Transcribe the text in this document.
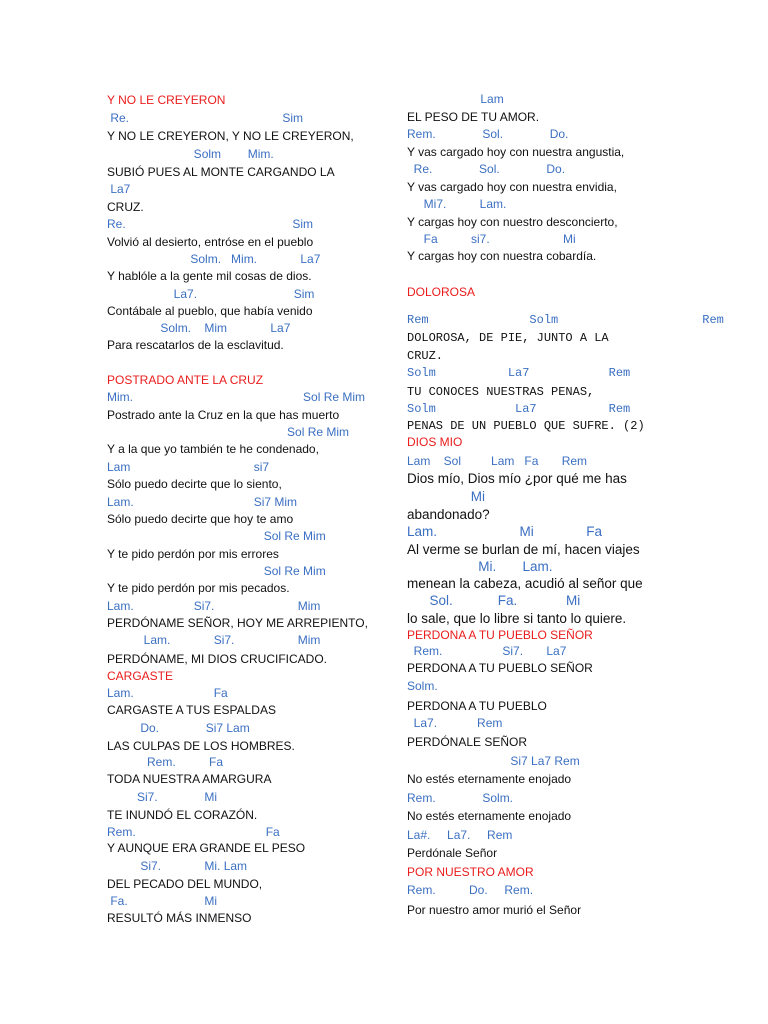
Y NO LE CREYERON
Re.                                              Sim
Y NO LE CREYERON, Y NO LE CREYERON,
Solm        Mim.
SUBIÓ PUES AL MONTE CARGANDO LA
La7
CRUZ.
Re.                                                  Sim
Volvió al desierto, entróse en el pueblo
Solm.   Mim.             La7
Y hablóle a la gente mil cosas de dios.
La7.                             Sim
Contábale al pueblo, que había venido
Solm.    Mim             La7
Para rescatarlos de la esclavitud.
POSTRADO ANTE LA CRUZ
Mim.                                                   Sol Re Mim
Postrado ante la Cruz en la que has muerto
Sol Re Mim
Y a la que yo también te he condenado,
Lam                                     si7
Sólo puedo decirte que lo siento,
Lam.                                    Si7 Mim
Sólo puedo decirte que hoy te amo
Sol Re Mim
Y te pido perdón por mis errores
Sol Re Mim
Y te pido perdón por mis pecados.
Lam.                  Si7.                         Mim
PERDÓNAME SEÑOR, HOY ME ARREPIENTO,
Lam.             Si7.                   Mim
PERDÓNAME, MI DIOS CRUCIFICADO.
CARGASTE
Lam.                        Fa
CARGASTE A TUS ESPALDAS
Do.              Si7 Lam
LAS CULPAS DE LOS HOMBRES.
Rem.          Fa
TODA NUESTRA AMARGURA
Si7.              Mi
TE INUNDÓ EL CORAZÓN.
Rem.                                       Fa
Y AUNQUE ERA GRANDE EL PESO
Si7.             Mi. Lam
DEL PECADO DEL MUNDO,
Fa.                       Mi
RESULTÓ MÁS INMENSO
Lam
EL PESO DE TU AMOR.
Rem.              Sol.              Do.
Y vas cargado hoy con nuestra angustia,
Re.              Sol.              Do.
Y vas cargado hoy con nuestra envidia,
Mi7.          Lam.
Y cargas hoy con nuestro desconcierto,
Fa          si7.                      Mi
Y cargas hoy con nuestra cobardía.
DOLOROSA
Rem              Solm                    Rem
DOLOROSA, DE PIE, JUNTO A LA
CRUZ.
Solm          La7           Rem
TU CONOCES NUESTRAS PENAS,
Solm           La7          Rem
PENAS DE UN PUEBLO QUE SUFRE. (2)
DIOS MIO
Lam    Sol         Lam   Fa       Rem
Dios mío, Dios mío ¿por qué me has
Mi
abandonado?
Lam.                      Mi              Fa
Al verme se burlan de mí, hacen viajes
Mi.       Lam.
menean la cabeza, acudió al señor que
Sol.            Fa.             Mi
lo sale, que lo libre si tanto lo quiere.
PERDONA A TU PUEBLO SEÑOR
Rem.                  Si7.       La7
PERDONA A TU PUEBLO SEÑOR
Solm.
PERDONA A TU PUEBLO
La7.            Rem
PERDÓNALE SEÑOR
Si7 La7 Rem
No estés eternamente enojado
Rem.              Solm.
No estés eternamente enojado
La#.     La7.     Rem
Perdónale Señor
POR NUESTRO AMOR
Rem.          Do.     Rem.
Por nuestro amor murió el Señor
